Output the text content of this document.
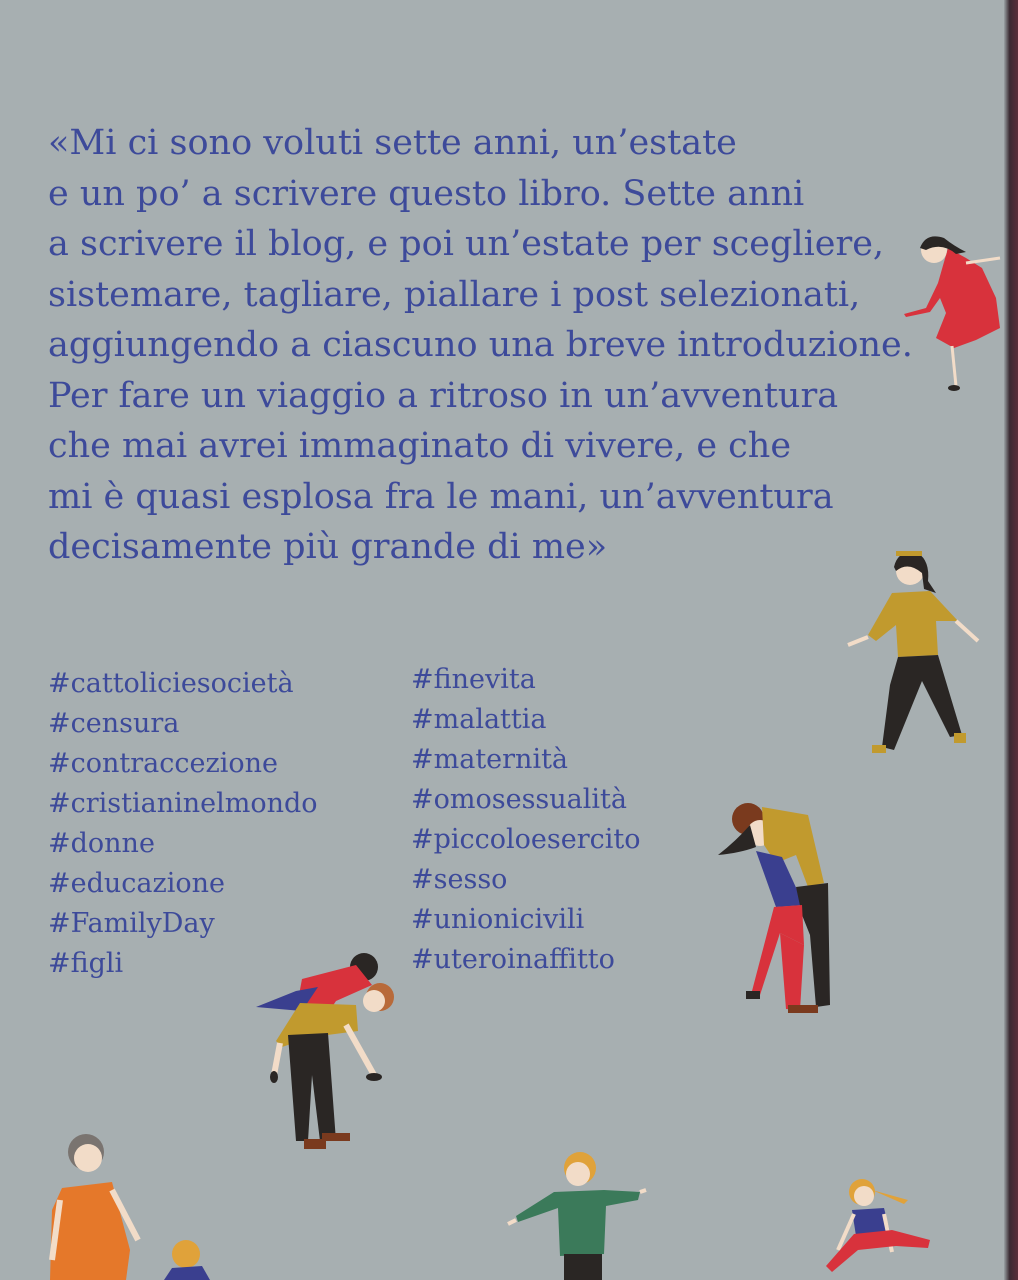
«Mi ci sono voluti sette anni, un’estate
e un po’ a scrivere questo libro. Sette anni
a scrivere il blog, e poi un’estate per scegliere,
sistemare, tagliare, piallare i post selezionati,
aggiungendo a ciascuno una breve introduzione.
Per fare un viaggio a ritroso in un’avventura
che mai avrei immaginato di vivere, e che
mi è quasi esplosa fra le mani, un’avventura
decisamente più grande di me»
#cattoliciesocietà
#censura
#contraccezione
#cristianinelmondo
#donne
#educazione
#FamilyDay
#figli
#finevita
#malattia
#maternità
#omosessualità
#piccoloesercito
#sesso
#unionicivili
#uteroinaffitto
